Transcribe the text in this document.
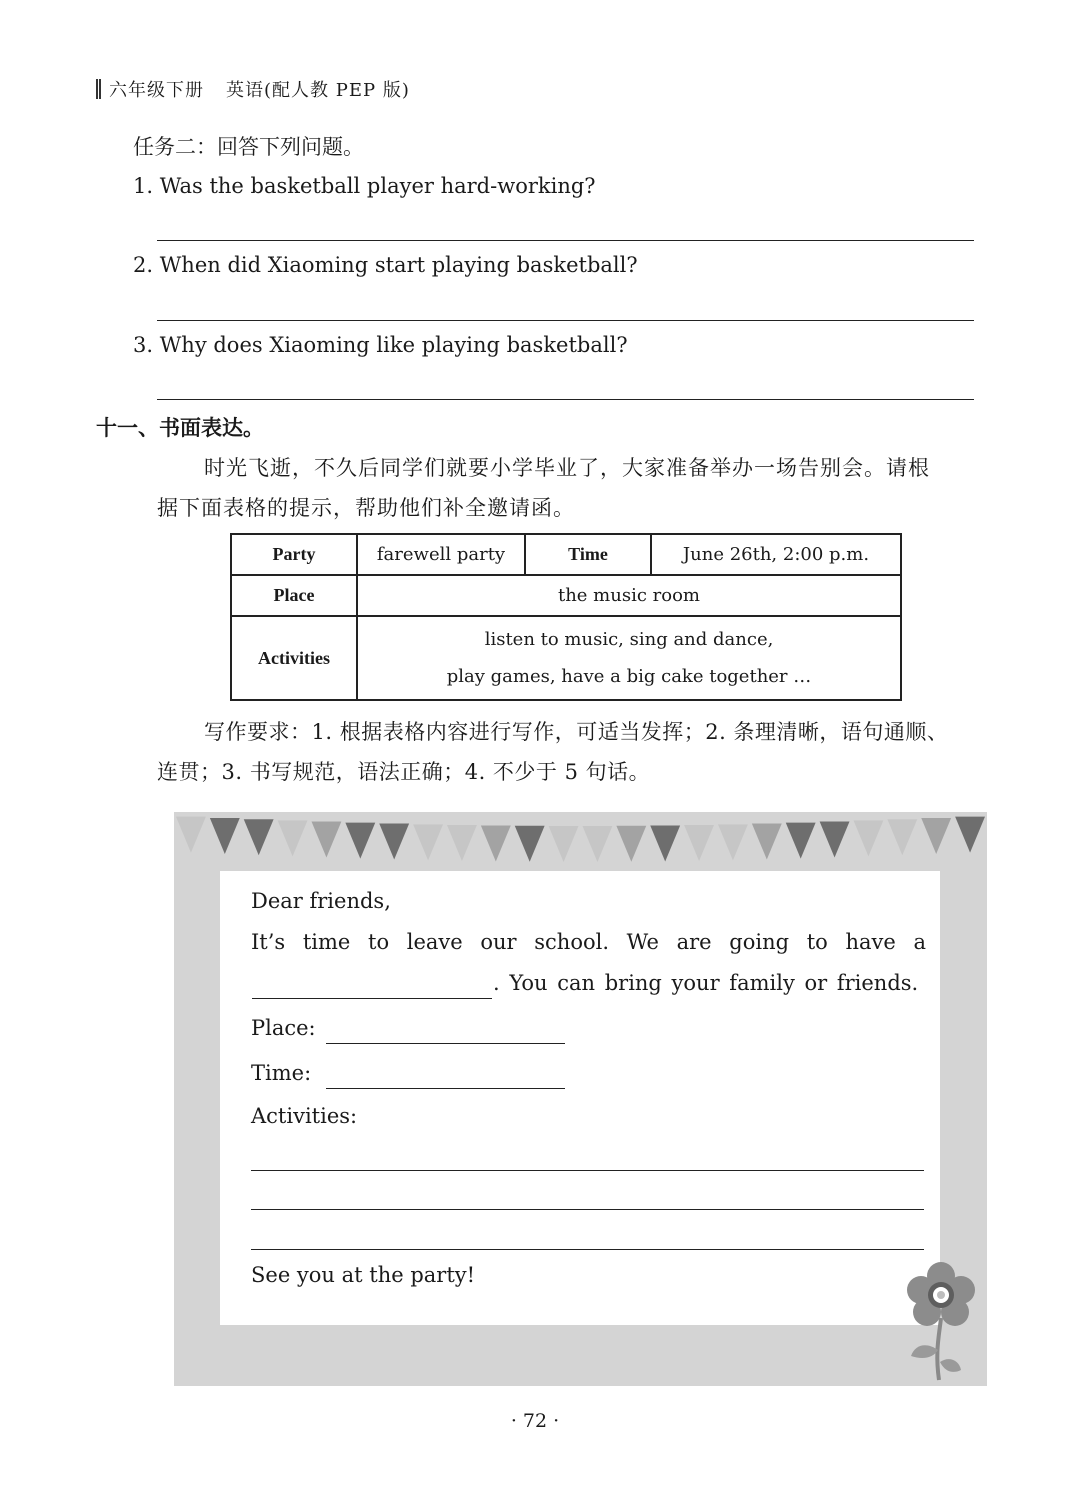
六年级下册 英语(配人教 PEP 版)
任务二：回答下列问题。
1. Was the basketball player hard-working?
2. When did Xiaoming start playing basketball?
3. Why does Xiaoming like playing basketball?
十一、书面表达。
时光飞逝，不久后同学们就要小学毕业了，大家准备举办一场告别会。请根
据下面表格的提示，帮助他们补全邀请函。
Party	farewell party	Time	June 26th, 2:00 p.m.
Place	the music room		
Activities	listen to music, sing and dance,
play games, have a big cake together …		
写作要求：1. 根据表格内容进行写作，可适当发挥；2. 条理清晰，语句通顺、
连贯；3. 书写规范，语法正确；4. 不少于 5 句话。
Dear friends,
It’s time to leave our school. We are going to have a
. You can bring your family or friends.
Place:
Time:
Activities:
See you at the party!
· 72 ·
